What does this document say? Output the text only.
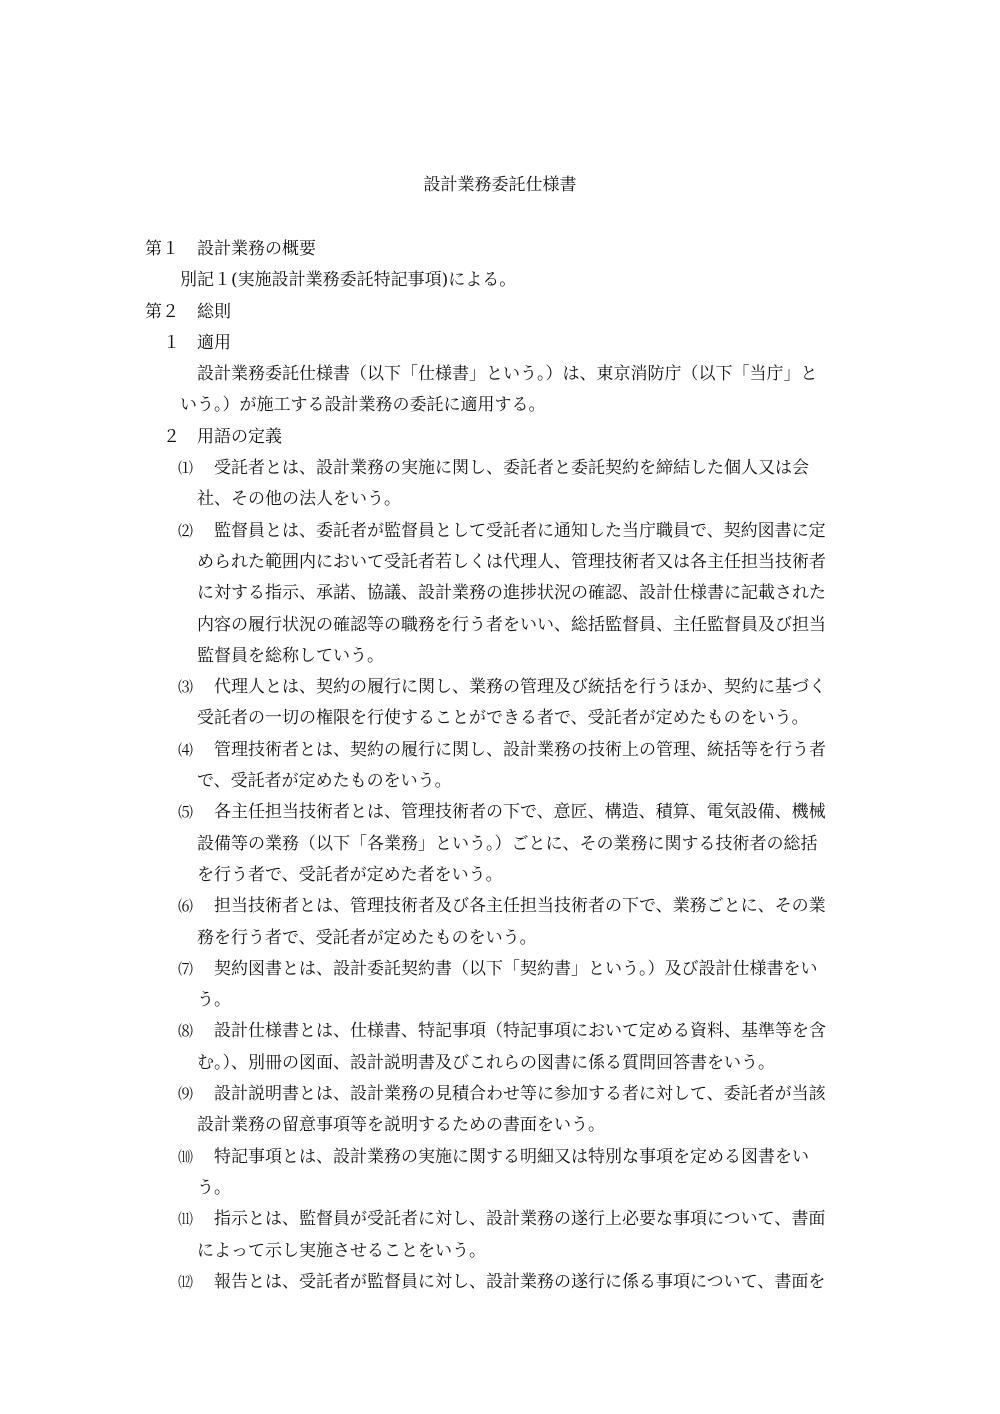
設計業務委託仕様書
第１ 設計業務の概要
別記１(実施設計業務委託特記事項)による。
第２ 総則
１ 適用
設計業務委託仕様書（以下「仕様書」という。）は、東京消防庁（以下「当庁」と
いう。）が施工する設計業務の委託に適用する。
２ 用語の定義
⑴ 受託者とは、設計業務の実施に関し、委託者と委託契約を締結した個人又は会
社、その他の法人をいう。
⑵ 監督員とは、委託者が監督員として受託者に通知した当庁職員で、契約図書に定
められた範囲内において受託者若しくは代理人、管理技術者又は各主任担当技術者
に対する指示、承諾、協議、設計業務の進捗状況の確認、設計仕様書に記載された
内容の履行状況の確認等の職務を行う者をいい、総括監督員、主任監督員及び担当
監督員を総称していう。
⑶ 代理人とは、契約の履行に関し、業務の管理及び統括を行うほか、契約に基づく
受託者の一切の権限を行使することができる者で、受託者が定めたものをいう。
⑷ 管理技術者とは、契約の履行に関し、設計業務の技術上の管理、統括等を行う者
で、受託者が定めたものをいう。
⑸ 各主任担当技術者とは、管理技術者の下で、意匠、構造、積算、電気設備、機械
設備等の業務（以下「各業務」という。）ごとに、その業務に関する技術者の総括
を行う者で、受託者が定めた者をいう。
⑹ 担当技術者とは、管理技術者及び各主任担当技術者の下で、業務ごとに、その業
務を行う者で、受託者が定めたものをいう。
⑺ 契約図書とは、設計委託契約書（以下「契約書」という。）及び設計仕様書をい
う。
⑻ 設計仕様書とは、仕様書、特記事項（特記事項において定める資料、基準等を含
む。）、別冊の図面、設計説明書及びこれらの図書に係る質問回答書をいう。
⑼ 設計説明書とは、設計業務の見積合わせ等に参加する者に対して、委託者が当該
設計業務の留意事項等を説明するための書面をいう。
⑽ 特記事項とは、設計業務の実施に関する明細又は特別な事項を定める図書をい
う。
⑾ 指示とは、監督員が受託者に対し、設計業務の遂行上必要な事項について、書面
によって示し実施させることをいう。
⑿ 報告とは、受託者が監督員に対し、設計業務の遂行に係る事項について、書面を
